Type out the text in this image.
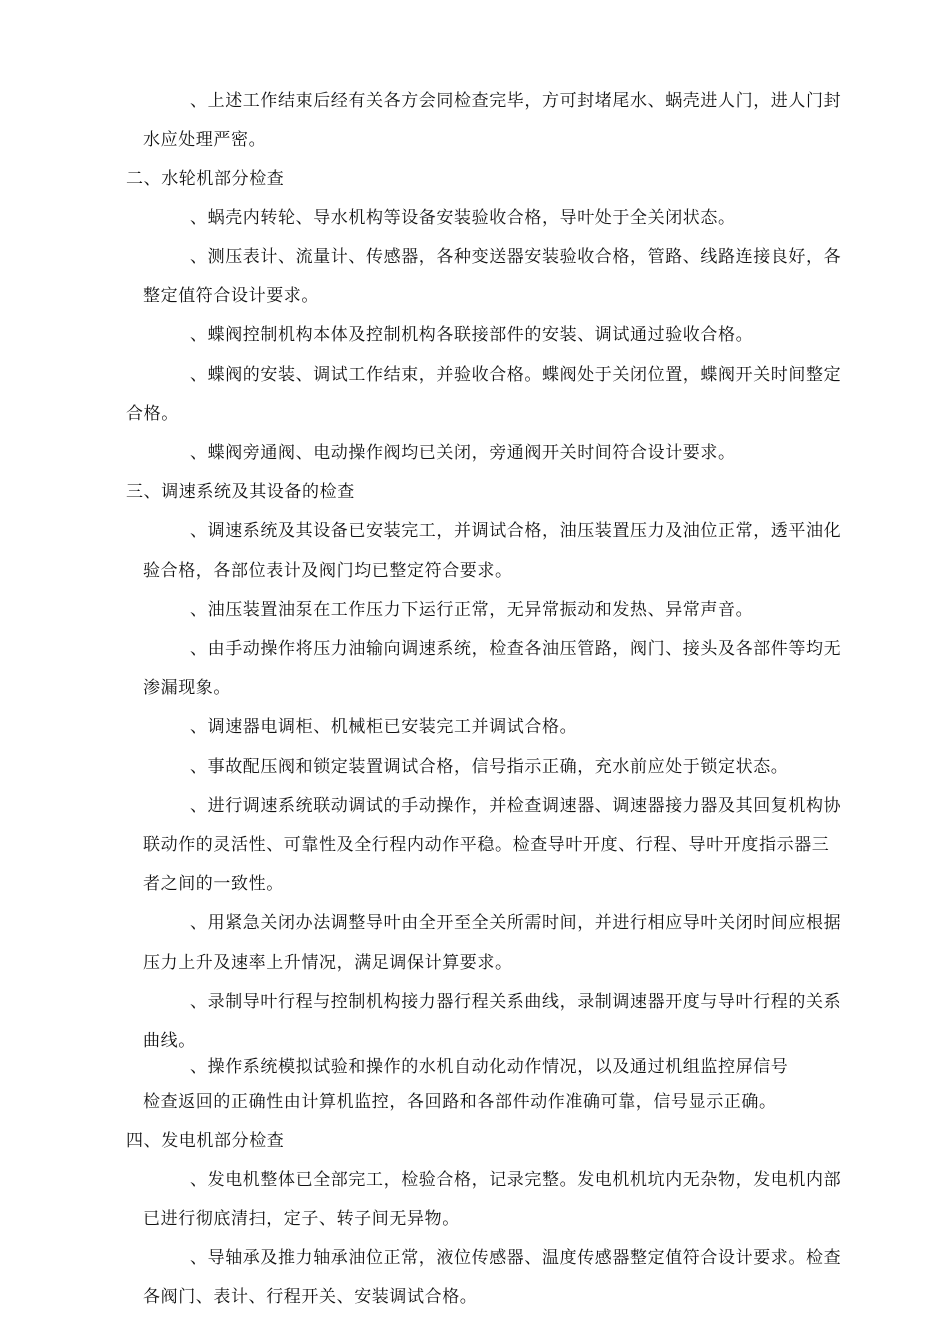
、上述工作结束后经有关各方会同检查完毕，方可封堵尾水、蜗壳进人门，进人门封
水应处理严密。
二、水轮机部分检查
、蜗壳内转轮、导水机构等设备安装验收合格，导叶处于全关闭状态。
、测压表计、流量计、传感器，各种变送器安装验收合格，管路、线路连接良好，各
整定值符合设计要求。
、蝶阀控制机构本体及控制机构各联接部件的安装、调试通过验收合格。
、蝶阀的安装、调试工作结束，并验收合格。蝶阀处于关闭位置，蝶阀开关时间整定
合格。
、蝶阀旁通阀、电动操作阀均已关闭，旁通阀开关时间符合设计要求。
三、调速系统及其设备的检查
、调速系统及其设备已安装完工，并调试合格，油压装置压力及油位正常，透平油化
验合格，各部位表计及阀门均已整定符合要求。
、油压装置油泵在工作压力下运行正常，无异常振动和发热、异常声音。
、由手动操作将压力油输向调速系统，检查各油压管路，阀门、接头及各部件等均无
渗漏现象。
、调速器电调柜、机械柜已安装完工并调试合格。
、事故配压阀和锁定装置调试合格，信号指示正确，充水前应处于锁定状态。
、进行调速系统联动调试的手动操作，并检查调速器、调速器接力器及其回复机构协
联动作的灵活性、可靠性及全行程内动作平稳。检查导叶开度、行程、导叶开度指示器三
者之间的一致性。
、用紧急关闭办法调整导叶由全开至全关所需时间，并进行相应导叶关闭时间应根据
压力上升及速率上升情况，满足调保计算要求。
、录制导叶行程与控制机构接力器行程关系曲线，录制调速器开度与导叶行程的关系
曲线。
、操作系统模拟试验和操作的水机自动化动作情况，以及通过机组监控屏信号
检查返回的正确性由计算机监控，各回路和各部件动作准确可靠，信号显示正确。
四、发电机部分检查
、发电机整体已全部完工，检验合格，记录完整。发电机机坑内无杂物，发电机内部
已进行彻底清扫，定子、转子间无异物。
、导轴承及推力轴承油位正常，液位传感器、温度传感器整定值符合设计要求。检查
各阀门、表计、行程开关、安装调试合格。
